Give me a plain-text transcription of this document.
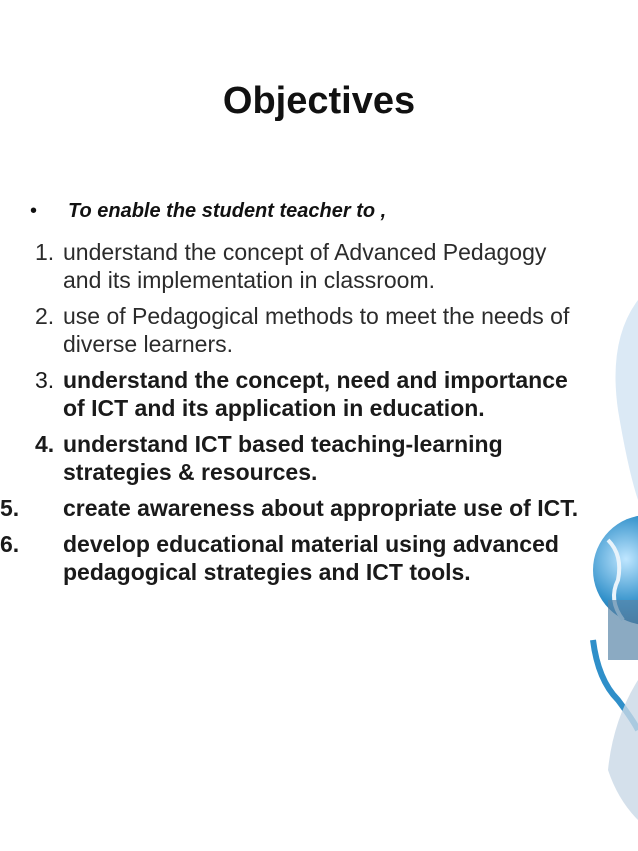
Objectives
• To enable the student teacher to ,
1. understand the concept of Advanced Pedagogy and its implementation in classroom.
2. use of Pedagogical methods to meet the needs of diverse learners.
3. understand the concept, need and importance of ICT and its application in education.
4. understand ICT based teaching-learning strategies & resources.
5.	create awareness about appropriate use of ICT.
6.	develop educational material using advanced pedagogical strategies and ICT tools.
